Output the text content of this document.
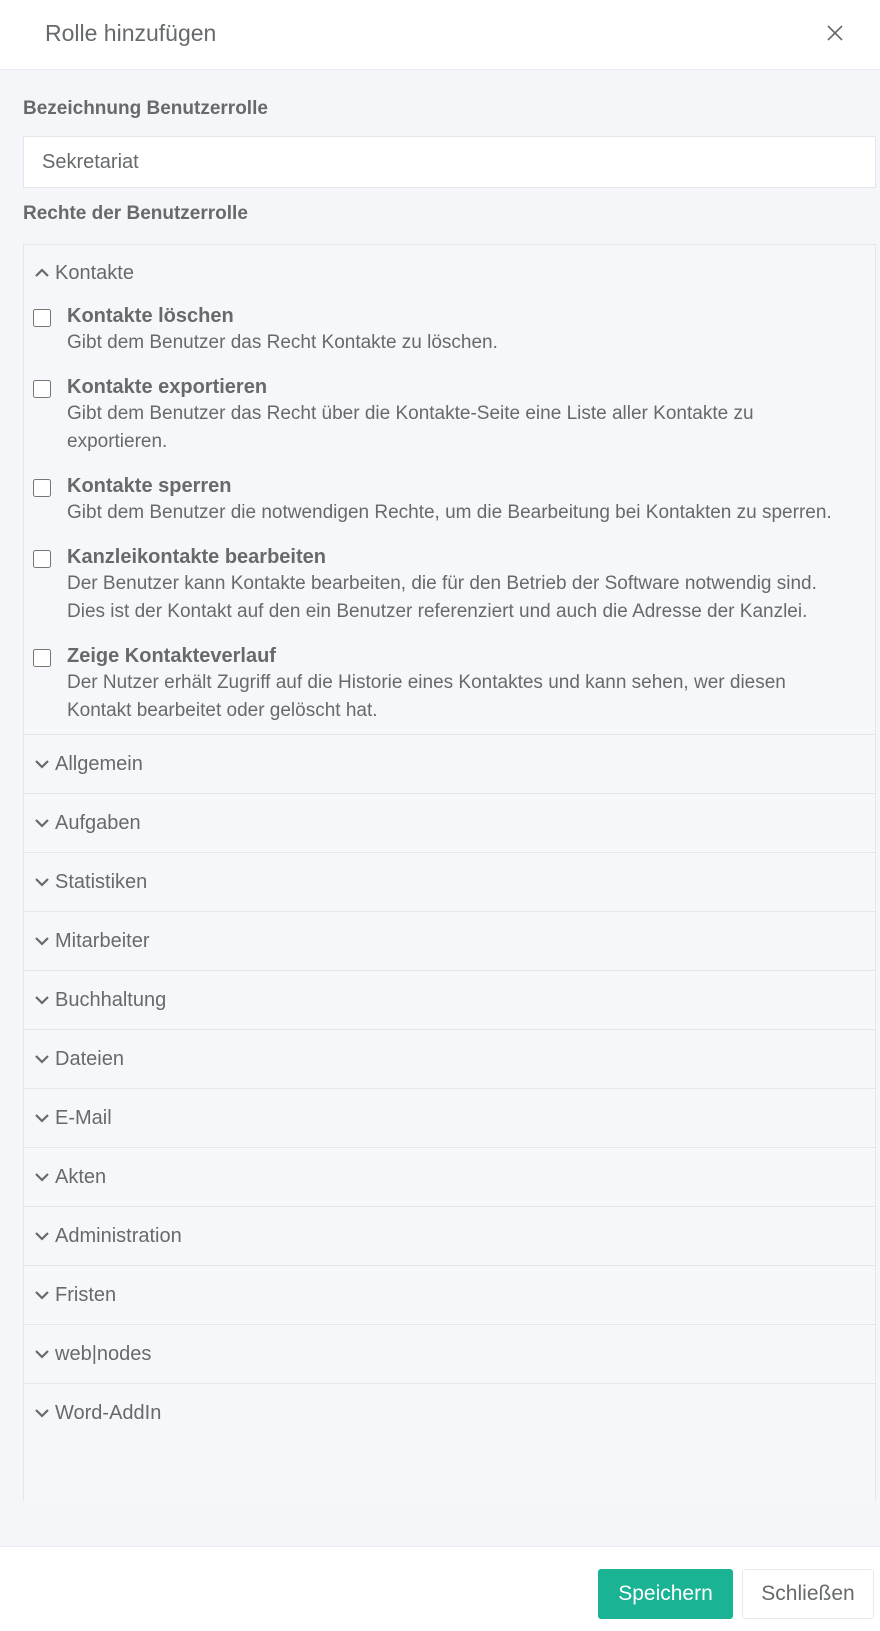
Rolle hinzufügen
Bezeichnung Benutzerrolle
Sekretariat
Rechte der Benutzerrolle
Kontakte
Kontakte löschen
Gibt dem Benutzer das Recht Kontakte zu löschen.
Kontakte exportieren
Gibt dem Benutzer das Recht über die Kontakte-Seite eine Liste aller Kontakte zu exportieren.
Kontakte sperren
Gibt dem Benutzer die notwendigen Rechte, um die Bearbeitung bei Kontakten zu sperren.
Kanzleikontakte bearbeiten
Der Benutzer kann Kontakte bearbeiten, die für den Betrieb der Software notwendig sind. Dies ist der Kontakt auf den ein Benutzer referenziert und auch die Adresse der Kanzlei.
Zeige Kontakteverlauf
Der Nutzer erhält Zugriff auf die Historie eines Kontaktes und kann sehen, wer diesen Kontakt bearbeitet oder gelöscht hat.
Allgemein
Aufgaben
Statistiken
Mitarbeiter
Buchhaltung
Dateien
E-Mail
Akten
Administration
Fristen
web|nodes
Word-AddIn
Speichern	Schließen
